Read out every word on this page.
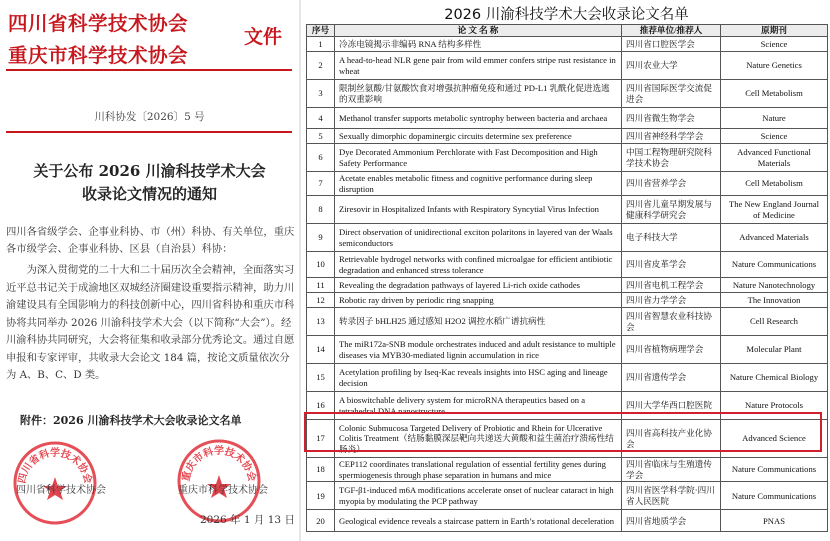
四川省科学技术协会
重庆市科学技术协会
文件
川科协发〔2026〕5 号
关于公布 2026 川渝科技学术大会
收录论文情况的通知
四川各省级学会、企事业科协、市（州）科协、有关单位，重庆各市级学会、企事业科协、区县（自治县）科协：
为深入贯彻党的二十大和二十届历次全会精神，全面落实习近平总书记关于成渝地区双城经济圈建设重要指示精神，助力川渝建设具有全国影响力的科技创新中心，四川省科协和重庆市科协将共同举办 2026 川渝科技学术大会（以下简称“大会”）。经川渝科协共同研究，大会将征集和收录部分优秀论文。通过自愿申报和专家评审，共收录大会论文 184 篇，按论文质量依次分为 A、B、C、D 类。
附件：2026 川渝科技学术大会收录论文名单
四川省科学技术协会	重庆市科学技术协会
四川省科学技术协会	重庆市科学技术协会
2026 年 1 月 13 日
2026 川渝科技学术大会收录论文名单
序号	论 文 名 称	推荐单位/推荐人	原期刊
1	冷冻电镜揭示非编码 RNA 结构多样性	四川省口腔医学会	Science
2	A head-to-head NLR gene pair from wild emmer confers stripe rust resistance in wheat	四川农业大学	Nature Genetics
3	限制丝氨酸/甘氨酸饮食对增强抗肿瘤免疫和通过 PD-L1 乳酰化促进选逃的双重影响	四川省国际医学交流促进会	Cell Metabolism
4	Methanol transfer supports metabolic syntrophy between bacteria and archaea	四川省微生物学会	Nature
5	Sexually dimorphic dopaminergic circuits determine sex preference	四川省神经科学学会	Science
6	Dye Decorated Ammonium Perchlorate with Fast Decomposition and High Safety Performance	中国工程物理研究院科学技术协会	Advanced Functional Materials
7	Acetate enables metabolic fitness and cognitive performance during sleep disruption	四川省营养学会	Cell Metabolism
8	Ziresovir in Hospitalized Infants with Respiratory Syncytial Virus Infection	四川省儿童早期发展与健康科学研究会	The New England Journal of Medicine
9	Direct observation of unidirectional exciton polaritons in layered van der Waals semiconductors	电子科技大学	Advanced Materials
10	Retrievable hydrogel networks with confined microalgae for efficient antibiotic degradation and enhanced stress tolerance	四川省皮革学会	Nature Communications
11	Revealing the degradation pathways of layered Li-rich oxide cathodes	四川省电机工程学会	Nature Nanotechnology
12	Robotic ray driven by periodic ring snapping	四川省力学学会	The Innovation
13	转录因子 bHLH25 通过感知 H2O2 调控水稻广谱抗病性	四川省智慧农业科技协会	Cell Research
14	The miR172a-SNB module orchestrates induced and adult resistance to multiple diseases via MYB30-mediated lignin accumulation in rice	四川省植物病理学会	Molecular Plant
15	Acetylation profiling by Iseq-Kac reveals insights into HSC aging and lineage decision	四川省遗传学会	Nature Chemical Biology
16	A bioswitchable delivery system for microRNA therapeutics based on a tetrahedral DNA nanostructure	四川大学华西口腔医院	Nature Protocols
17	Colonic Submucosa Targeted Delivery of Probiotic and Rhein for Ulcerative Colitis Treatment（结肠黏膜深层靶向共递送大黄酸和益生菌治疗溃疡性结肠炎）	四川省高科技产业化协会	Advanced Science
18	CEP112 coordinates translational regulation of essential fertility genes during spermiogenesis through phase separation in humans and mice	四川省临床与生殖遗传学会	Nature Communications
19	TGF-β1-induced m6A modifications accelerate onset of nuclear cataract in high myopia by modulating the PCP pathway	四川省医学科学院·四川省人民医院	Nature Communications
20	Geological evidence reveals a staircase pattern in Earth’s rotational deceleration	四川省地质学会	PNAS
